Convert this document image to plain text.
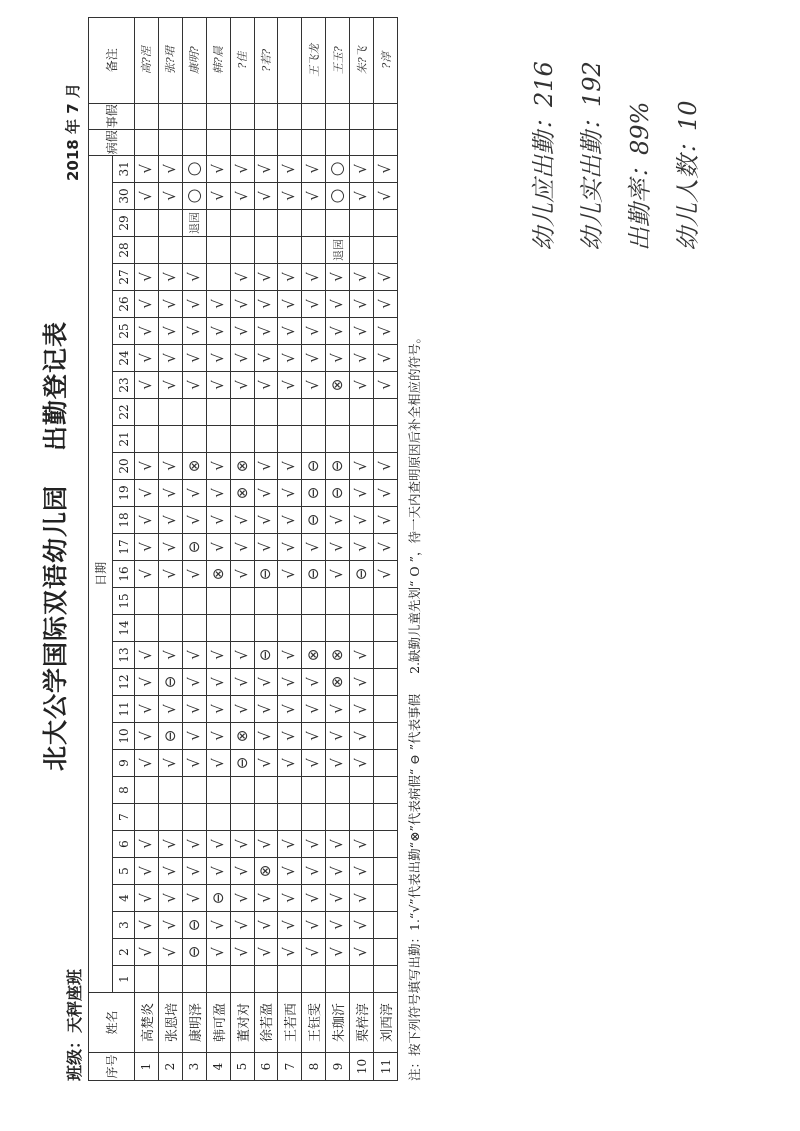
北大公学国际双语幼儿园出勤登记表
班级：天秤座班
2018 年 7 月
序号	姓名	日期																															病假	事假	备注	
		1	2	3	4	5	6	7	8	9	10	11	12	13	14	15	16	17	18	19	20	21	22	23	24	25	26	27	28	29	30	31				
1	高楚炎		√	√	√	√	√			√	√	√	√	√			√	√	√	√	√			√	√	√	√	√			√	√			高?涅	
2	张恩培		√	√	√	√	√			√	⊖	√	⊖	√			√	√	√	√	√			√	√	√	√	√			√	√			张?珺	
3	康明泽		⊖	⊖	√	√	√			√	√	√	√	√			√	⊖	√	√	⊗			√	√	√	√	√		退园	○	○			康明?	
4	韩可盈		√	√	⊖	√	√			√	√	√	√	√			⊗	√	√	√	√			√	√	√	√				√	√			韩?晨	
5	董对对		√	√	√	√	√			⊖	⊗	√	√	√			√	√	√	⊗	⊗			√	√	√	√	√			√	√			?佳	
6	徐若盈		√	√	√	⊗	√			√	√	√	√	⊖			⊖	√	√	√	√			√	√	√	√	√			√	√			?若?	
7	王若西		√	√	√	√	√			√	√	√	√	√			√	√	√	√	√			√	√	√	√	√			√	√				
8	王钰雯		√	√	√	√	√			√	√	√	√	⊗			⊖	√	⊖	⊖	⊖			√	√	√	√	√			√	√			王飞龙	
9	朱珈沂		√	√	√	√	√			√	√	√	⊗	⊗			√	√	√	⊖	⊖			⊗	√	√	√	√	退园		○	○			王玉?	
10	栗梓淳		√	√	√	√	√			√	√	√	√	√			⊖	√	√	√	√			√	√	√	√	√			√	√			朱?飞	
11	刘西淳																√	√	√	√	√			√	√	√	√	√			√	√			?淳	
注：按下列符号填写出勤：1.“√”代表出勤“⊗”代表病假“ ⊖ ”代表事假 2.缺勤儿童先划“ O ”，待一天内查明原因后补全相应的符号。
幼儿应出勤：216 幼儿实出勤：192 出勤率：89% 幼儿人数：10
